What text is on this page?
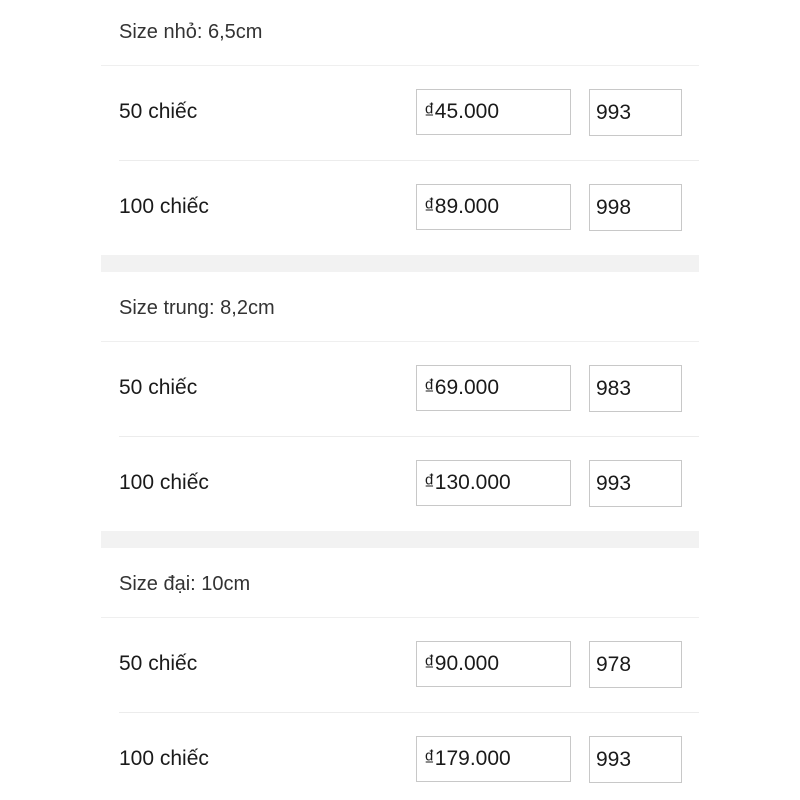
Size nhỏ: 6,5cm
50 chiếc	₫45.000	993
100 chiếc	₫89.000	998
Size trung: 8,2cm
50 chiếc	₫69.000	983
100 chiếc	₫130.000	993
Size đại: 10cm
50 chiếc	₫90.000	978
100 chiếc	₫179.000	993
